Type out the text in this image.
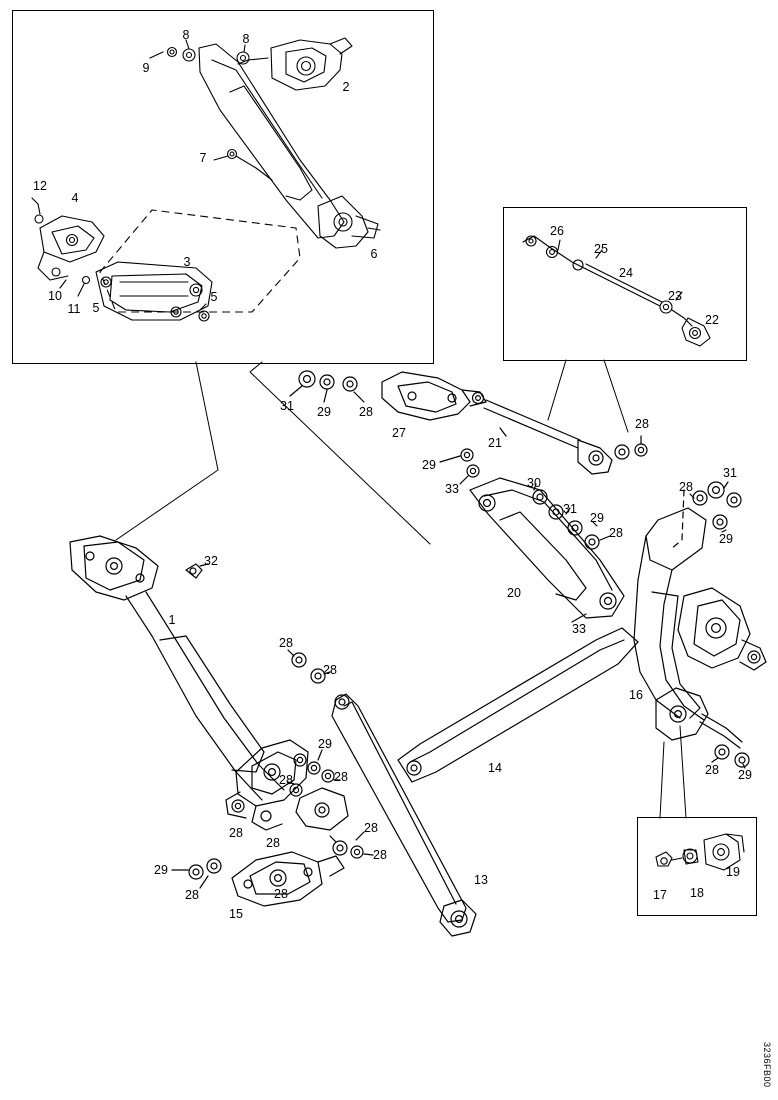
8	8
9
2
7
12
4
6
3
10
5
5
11
26
25
24
23
22
31 29 28
27
21
28
29
33	30
31
29
28
28
31
29
32
1
20
33
16
28
28
14	28 29
29
28	28
28
28
28
28
29
28
15
28
13
17 18
19
3236FB00
